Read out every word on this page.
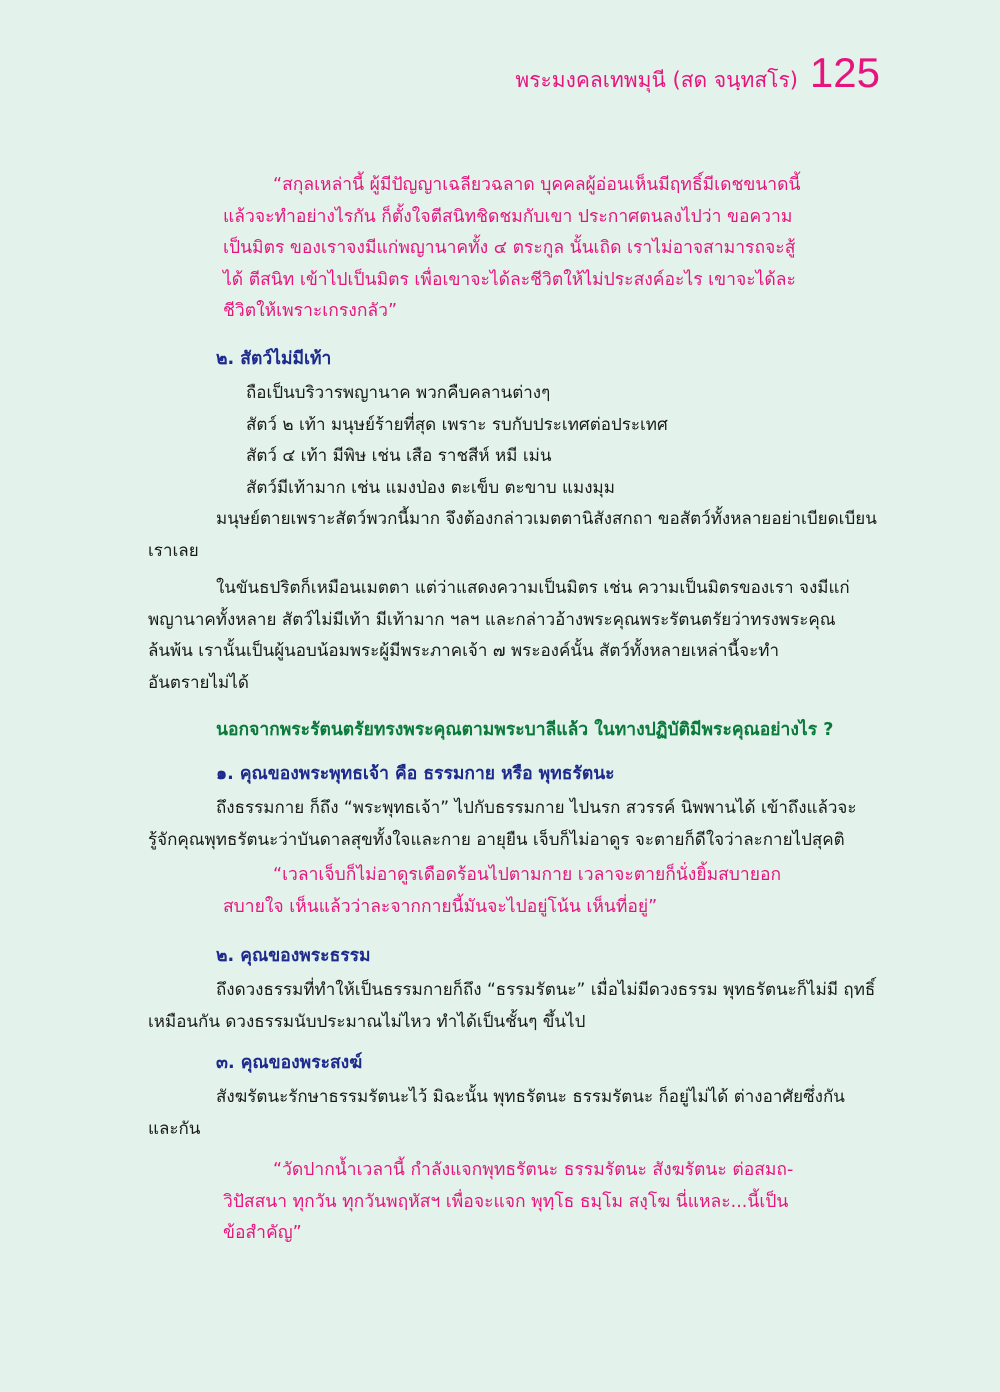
พระมงคลเทพมุนี (สด จนฺทสโร) 125
“สกุลเหล่านี้ ผู้มีปัญญาเฉลียวฉลาด บุคคลผู้อ่อนเห็นมีฤทธิ์มีเดชขนาดนี้
แล้วจะทำอย่างไรกัน ก็ตั้งใจตีสนิทชิดชมกับเขา ประกาศตนลงไปว่า ขอความ
เป็นมิตร ของเราจงมีแก่พญานาคทั้ง ๔ ตระกูล นั้นเถิด เราไม่อาจสามารถจะสู้
ได้ ตีสนิท เข้าไปเป็นมิตร เพื่อเขาจะได้ละชีวิตให้ไม่ประสงค์อะไร เขาจะได้ละ
ชีวิตให้เพราะเกรงกลัว”
๒. สัตว์ไม่มีเท้า
ถือเป็นบริวารพญานาค พวกคืบคลานต่างๆ
สัตว์ ๒ เท้า มนุษย์ร้ายที่สุด เพราะ รบกับประเทศต่อประเทศ
สัตว์ ๔ เท้า มีพิษ เช่น เสือ ราชสีห์ หมี เม่น
สัตว์มีเท้ามาก เช่น แมงป่อง ตะเข็บ ตะขาบ แมงมุม
มนุษย์ตายเพราะสัตว์พวกนี้มาก จึงต้องกล่าวเมตตานิสังสกถา ขอสัตว์ทั้งหลายอย่าเบียดเบียน
เราเลย
ในขันธปริตก็เหมือนเมตตา แต่ว่าแสดงความเป็นมิตร เช่น ความเป็นมิตรของเรา จงมีแก่
พญานาคทั้งหลาย สัตว์ไม่มีเท้า มีเท้ามาก ฯลฯ และกล่าวอ้างพระคุณพระรัตนตรัยว่าทรงพระคุณ
ล้นพ้น เรานั้นเป็นผู้นอบน้อมพระผู้มีพระภาคเจ้า ๗ พระองค์นั้น สัตว์ทั้งหลายเหล่านี้จะทำ
อันตรายไม่ได้
นอกจากพระรัตนตรัยทรงพระคุณตามพระบาลีแล้ว ในทางปฏิบัติมีพระคุณอย่างไร ?
๑. คุณของพระพุทธเจ้า คือ ธรรมกาย หรือ พุทธรัตนะ
ถึงธรรมกาย ก็ถึง “พระพุทธเจ้า” ไปกับธรรมกาย ไปนรก สวรรค์ นิพพานได้ เข้าถึงแล้วจะ
รู้จักคุณพุทธรัตนะว่าบันดาลสุขทั้งใจและกาย อายุยืน เจ็บก็ไม่อาดูร จะตายก็ดีใจว่าละกายไปสุคติ
“เวลาเจ็บก็ไม่อาดูรเดือดร้อนไปตามกาย เวลาจะตายก็นั่งยิ้มสบายอก
สบายใจ เห็นแล้วว่าละจากกายนี้มันจะไปอยู่โน้น เห็นที่อยู่”
๒. คุณของพระธรรม
ถึงดวงธรรมที่ทำให้เป็นธรรมกายก็ถึง “ธรรมรัตนะ” เมื่อไม่มีดวงธรรม พุทธรัตนะก็ไม่มี ฤทธิ์
เหมือนกัน ดวงธรรมนับประมาณไม่ไหว ทำได้เป็นชั้นๆ ขึ้นไป
๓. คุณของพระสงฆ์
สังฆรัตนะรักษาธรรมรัตนะไว้ มิฉะนั้น พุทธรัตนะ ธรรมรัตนะ ก็อยู่ไม่ได้ ต่างอาศัยซึ่งกัน
และกัน
“วัดปากน้ำเวลานี้ กำลังแจกพุทธรัตนะ ธรรมรัตนะ สังฆรัตนะ ต่อสมถ-
วิปัสสนา ทุกวัน ทุกวันพฤหัสฯ เพื่อจะแจก พุทฺโธ ธมฺโม สงฺโฆ นี่แหละ...นี้เป็น
ข้อสำคัญ”
